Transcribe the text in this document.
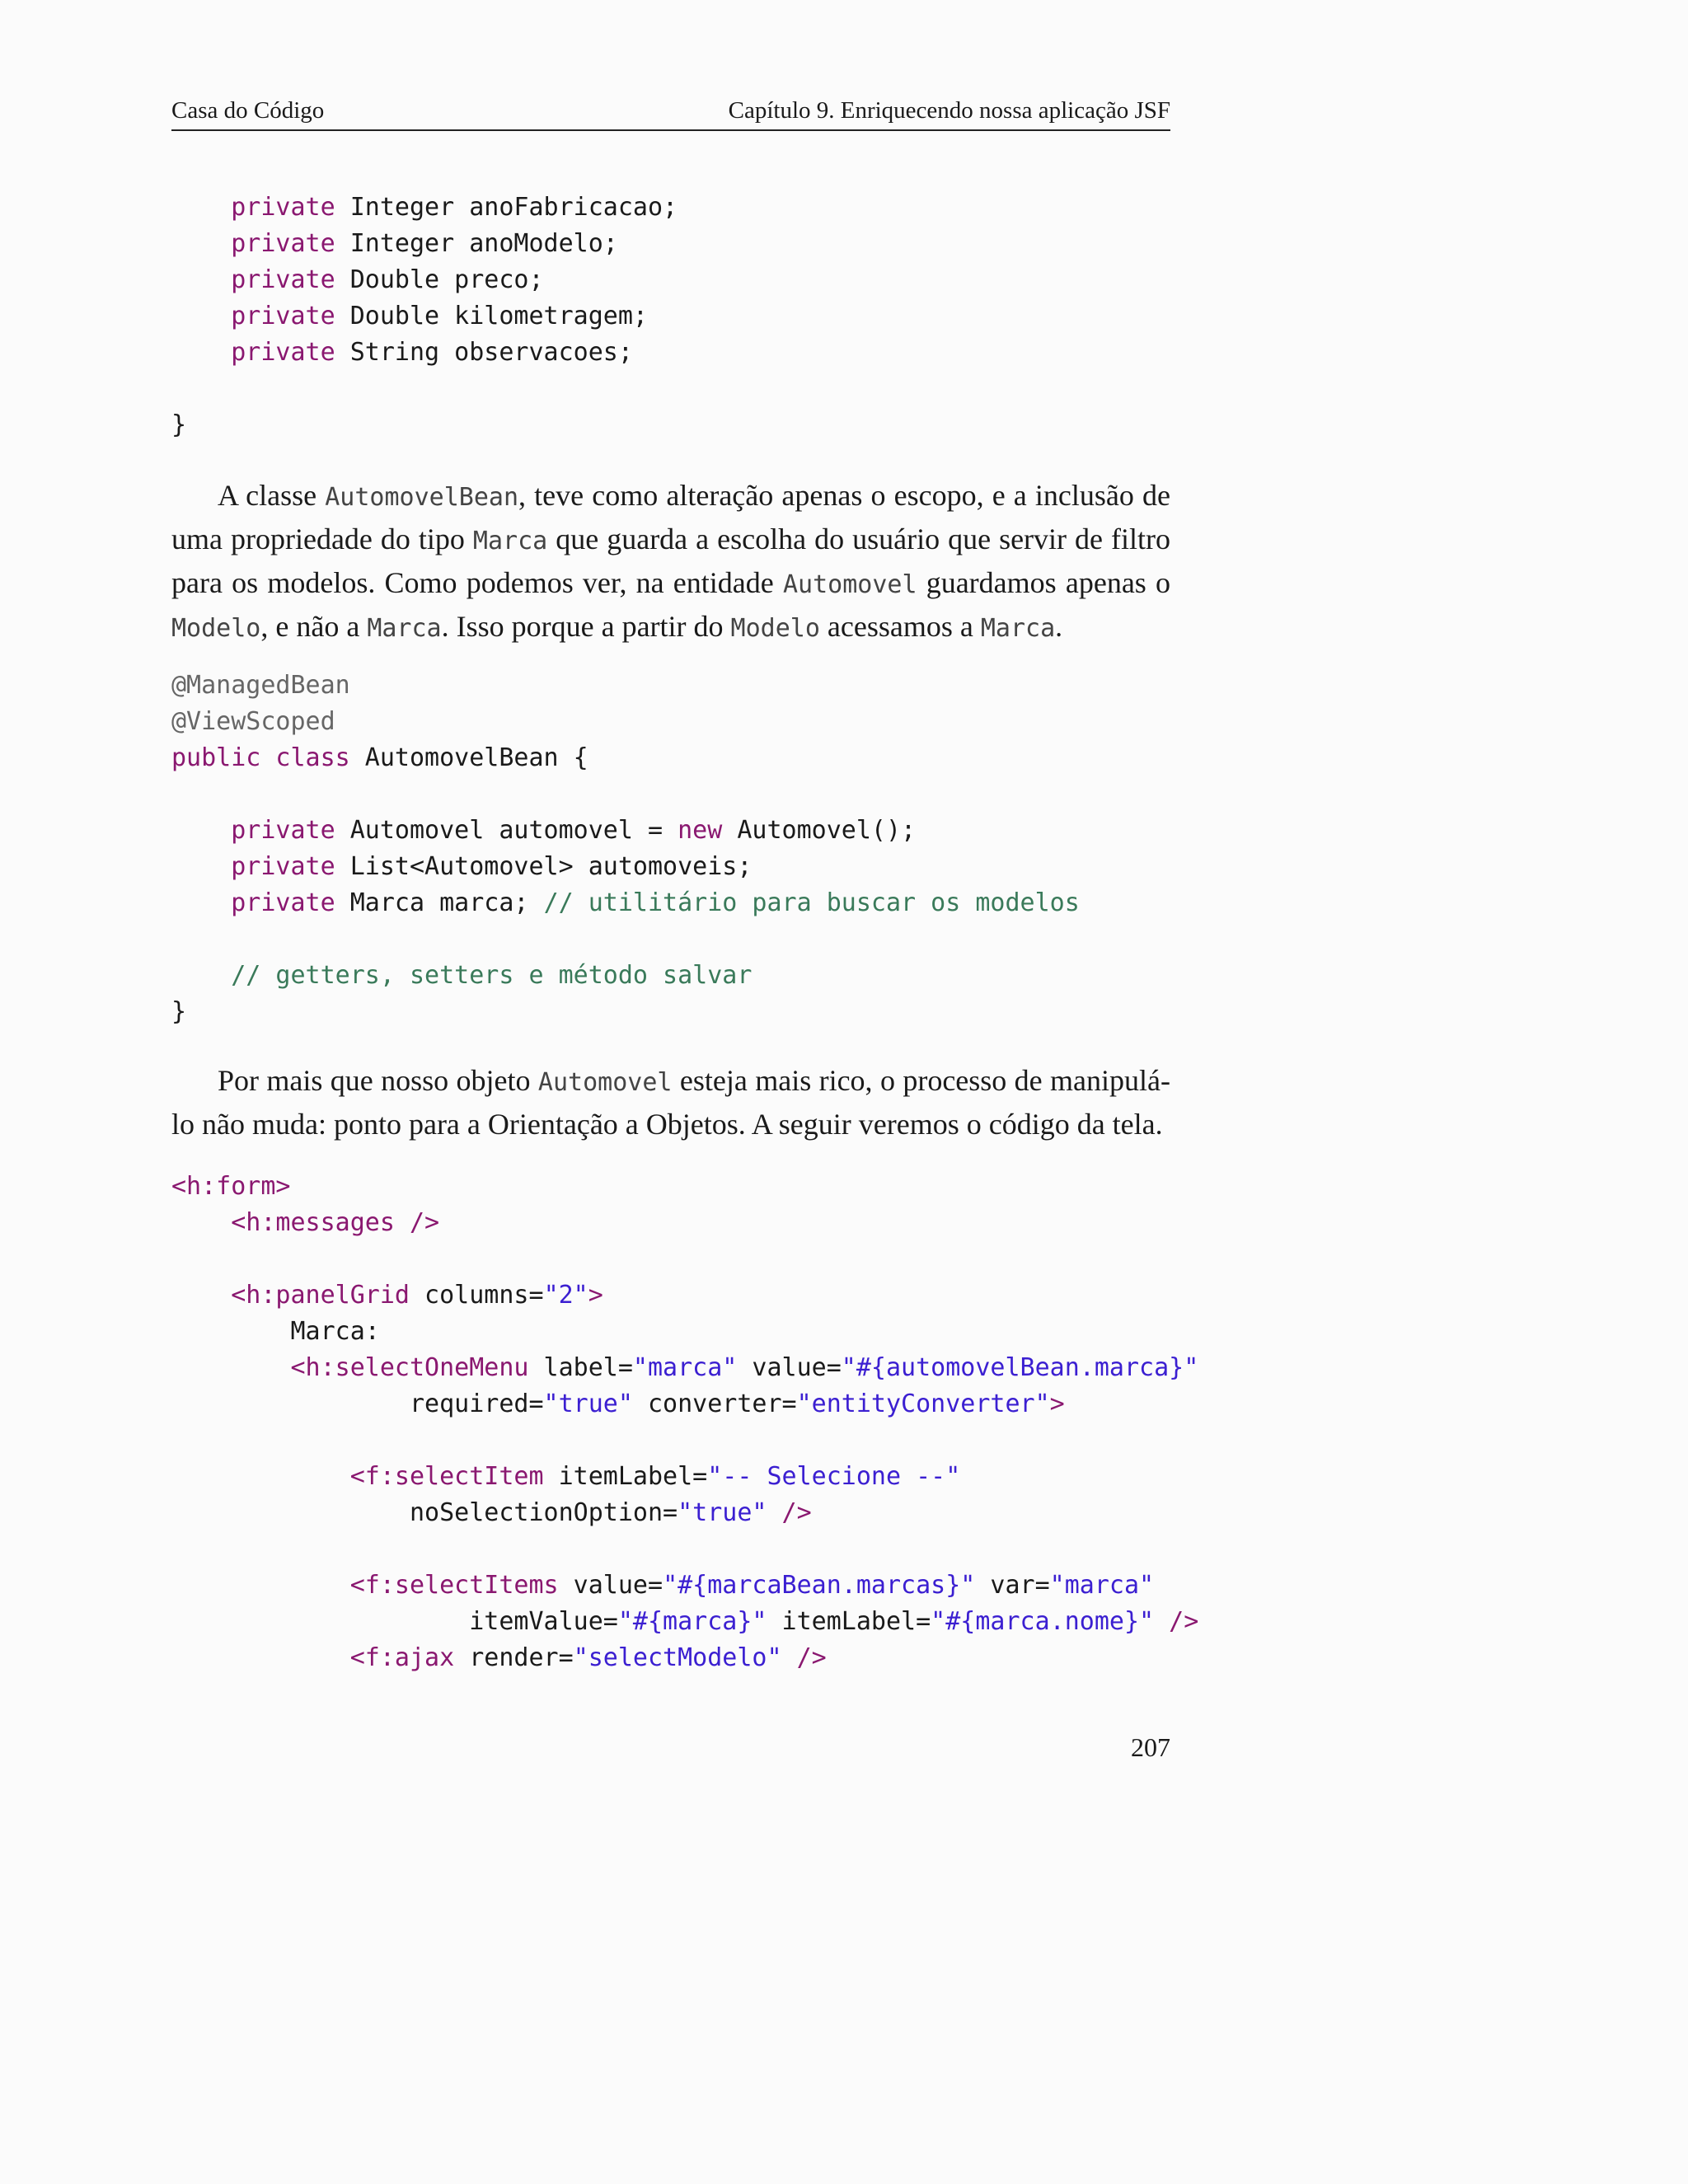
Casa do Código	Capítulo 9. Enriquecendo nossa aplicação JSF
private Integer anoFabricacao;
private Integer anoModelo;
private Double preco;
private Double kilometragem;
private String observacoes;

}

A classe AutomovelBean, teve como alteração apenas o escopo, e a inclusão de uma propriedade do tipo Marca que guarda a escolha do usuário que servir de filtro para os modelos. Como podemos ver, na entidade Automovel guardamos apenas o Modelo, e não a Marca. Isso porque a partir do Modelo acessamos a Marca.

@ManagedBean
@ViewScoped
public class AutomovelBean {

private Automovel automovel = new Automovel();
private List<Automovel> automoveis;
private Marca marca; // utilitário para buscar os modelos

// getters, setters e método salvar
}

Por mais que nosso objeto Automovel esteja mais rico, o processo de manipulá-lo não muda: ponto para a Orientação a Objetos. A seguir veremos o código da tela.

<h:form>
<h:messages />

<h:panelGrid columns="2">
Marca:
<h:selectOneMenu label="marca" value="#{automovelBean.marca}"
required="true" converter="entityConverter">

<f:selectItem itemLabel="-- Selecione --"
noSelectionOption="true" />

<f:selectItems value="#{marcaBean.marcas}" var="marca"
itemValue="#{marca}" itemLabel="#{marca.nome}" />
<f:ajax render="selectModelo" />
207
